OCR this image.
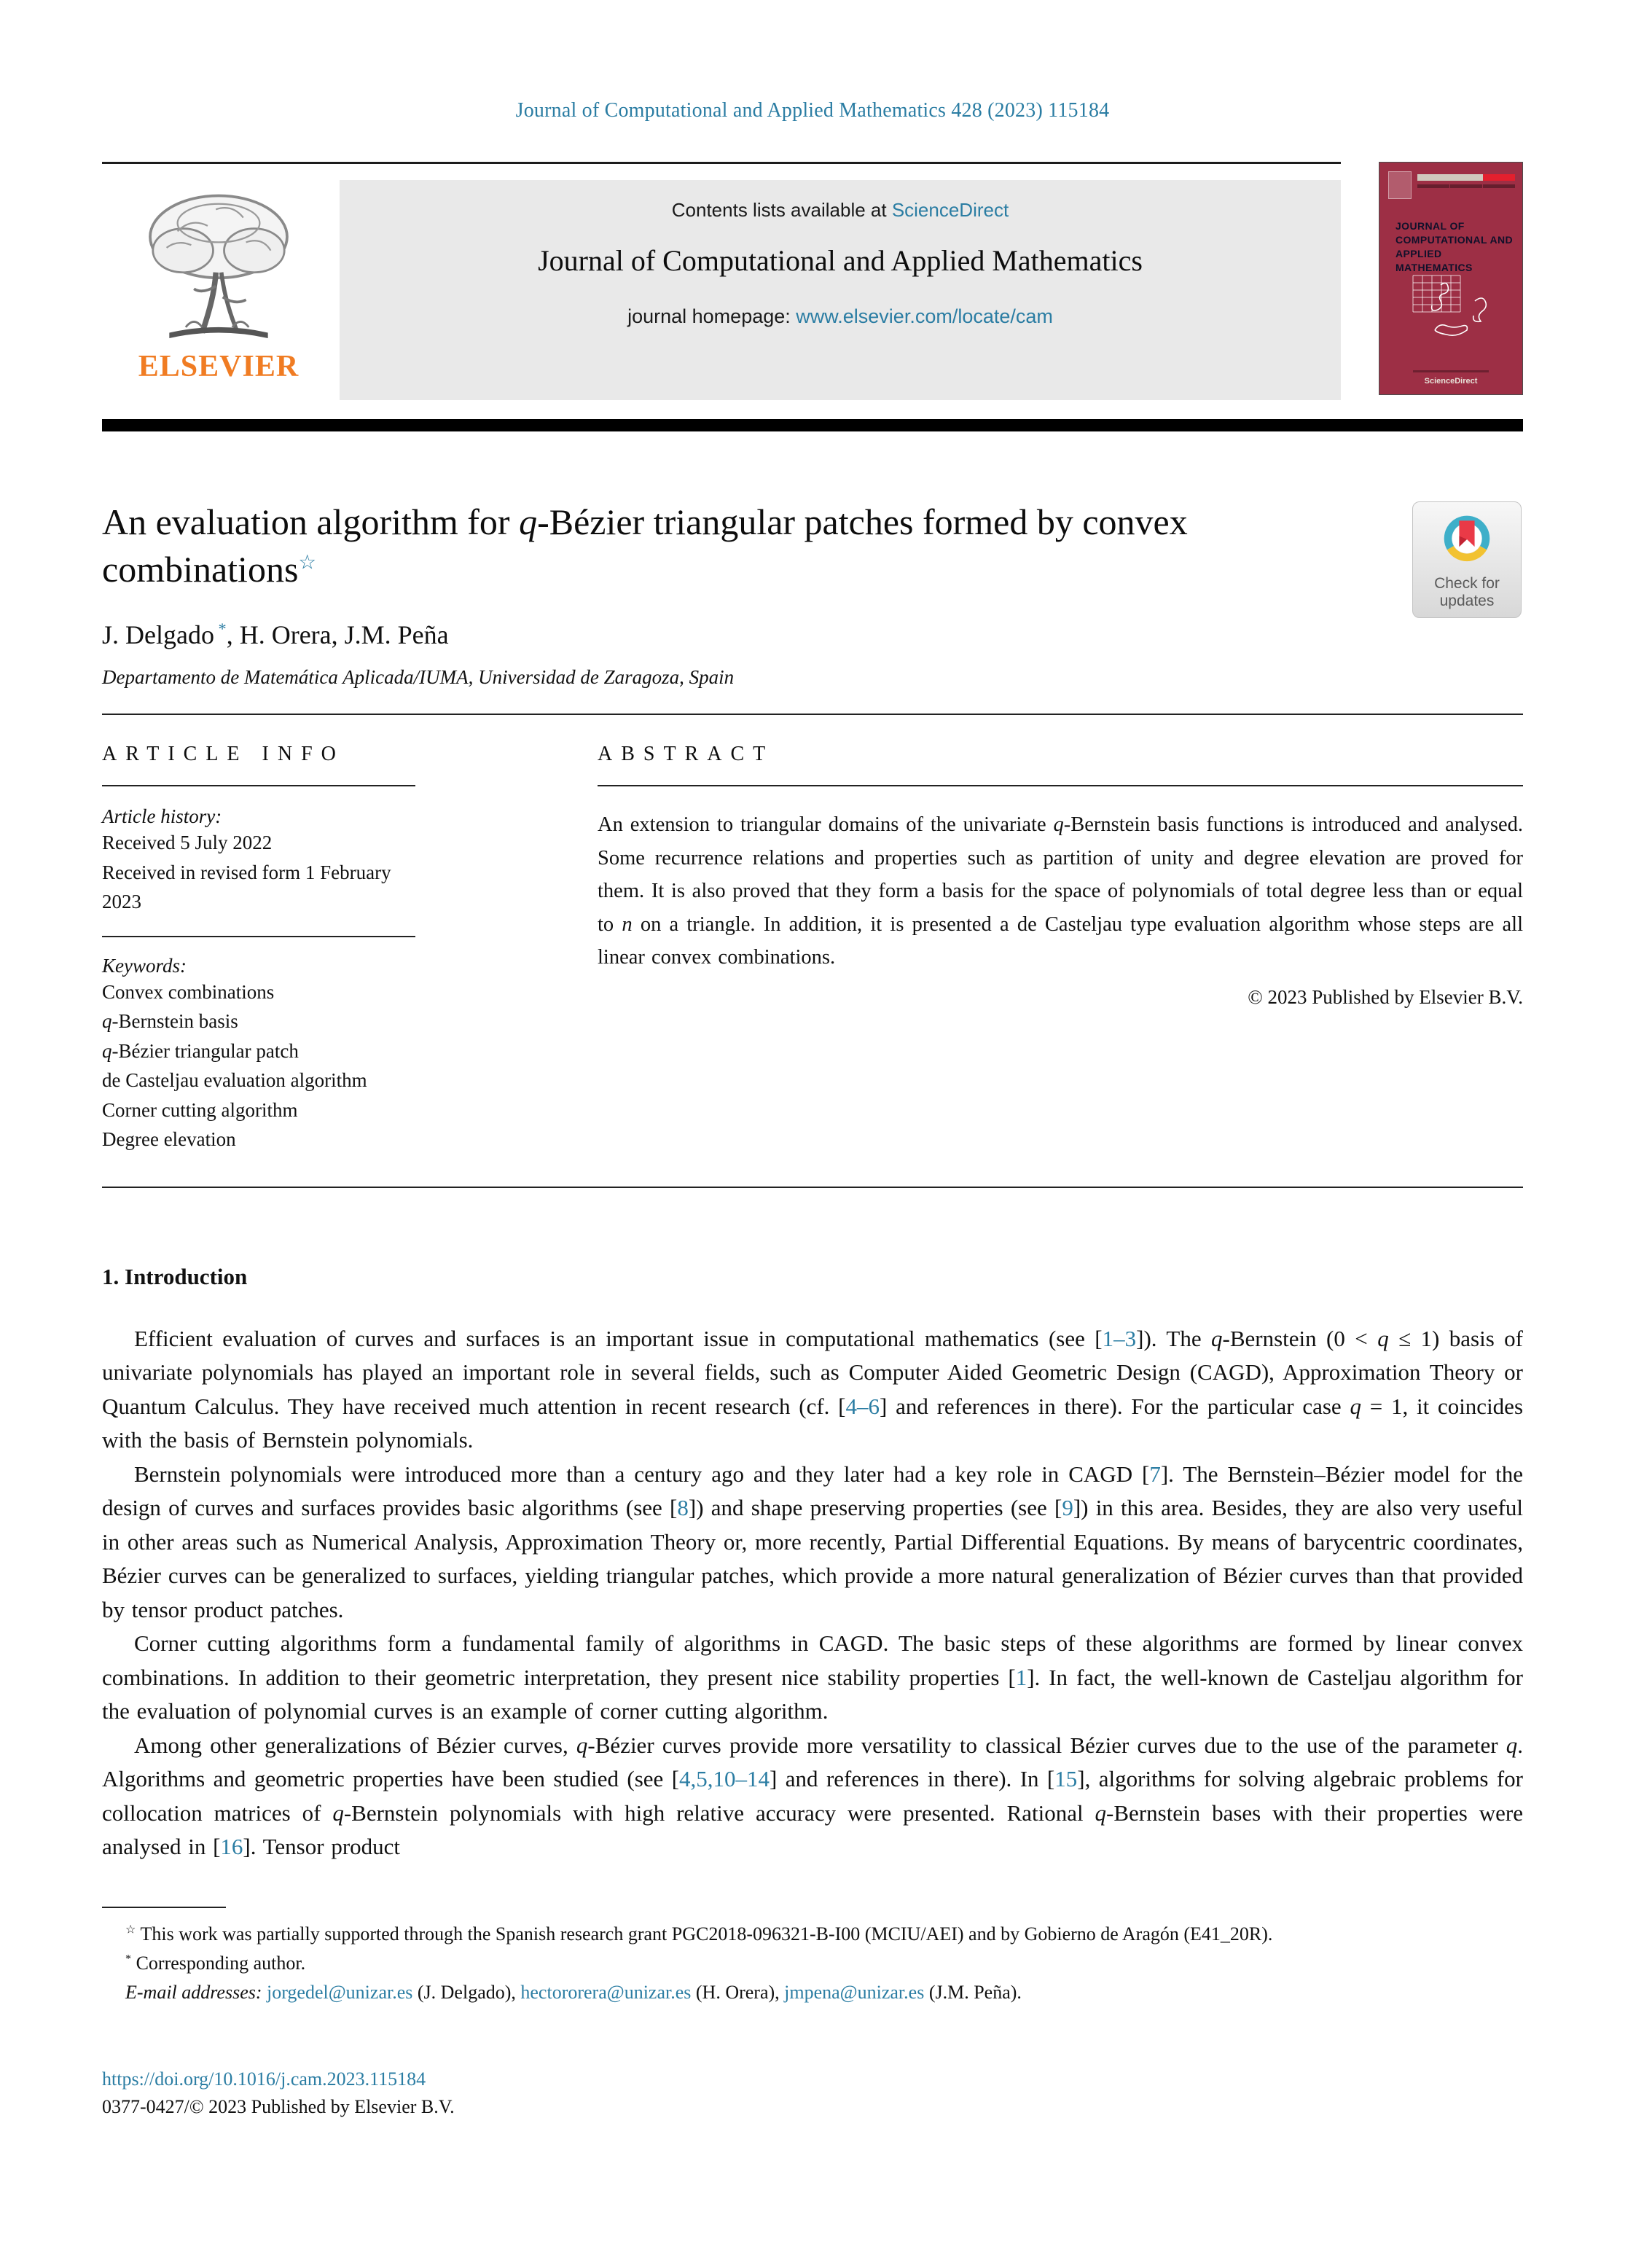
Journal of Computational and Applied Mathematics 428 (2023) 115184
ELSEVIER
Contents lists available at ScienceDirect
Journal of Computational and Applied Mathematics
journal homepage: www.elsevier.com/locate/cam
JOURNAL OF COMPUTATIONAL AND APPLIED MATHEMATICS
ScienceDirect
An evaluation algorithm for q-Bézier triangular patches formed by convex combinations☆
Check for
updates
J. Delgado *, H. Orera, J.M. Peña
Departamento de Matemática Aplicada/IUMA, Universidad de Zaragoza, Spain
ARTICLE INFO
Article history:
Received 5 July 2022
Received in revised form 1 February 2023
Keywords:
Convex combinations
q-Bernstein basis
q-Bézier triangular patch
de Casteljau evaluation algorithm
Corner cutting algorithm
Degree elevation
ABSTRACT
An extension to triangular domains of the univariate q-Bernstein basis functions is introduced and analysed. Some recurrence relations and properties such as partition of unity and degree elevation are proved for them. It is also proved that they form a basis for the space of polynomials of total degree less than or equal to n on a triangle. In addition, it is presented a de Casteljau type evaluation algorithm whose steps are all linear convex combinations.
© 2023 Published by Elsevier B.V.
1. Introduction

Efficient evaluation of curves and surfaces is an important issue in computational mathematics (see [1–3]). The q-Bernstein (0 < q ≤ 1) basis of univariate polynomials has played an important role in several fields, such as Computer Aided Geometric Design (CAGD), Approximation Theory or Quantum Calculus. They have received much attention in recent research (cf. [4–6] and references in there). For the particular case q = 1, it coincides with the basis of Bernstein polynomials.

Bernstein polynomials were introduced more than a century ago and they later had a key role in CAGD [7]. The Bernstein–Bézier model for the design of curves and surfaces provides basic algorithms (see [8]) and shape preserving properties (see [9]) in this area. Besides, they are also very useful in other areas such as Numerical Analysis, Approximation Theory or, more recently, Partial Differential Equations. By means of barycentric coordinates, Bézier curves can be generalized to surfaces, yielding triangular patches, which provide a more natural generalization of Bézier curves than that provided by tensor product patches.

Corner cutting algorithms form a fundamental family of algorithms in CAGD. The basic steps of these algorithms are formed by linear convex combinations. In addition to their geometric interpretation, they present nice stability properties [1]. In fact, the well-known de Casteljau algorithm for the evaluation of polynomial curves is an example of corner cutting algorithm.

Among other generalizations of Bézier curves, q-Bézier curves provide more versatility to classical Bézier curves due to the use of the parameter q. Algorithms and geometric properties have been studied (see [4,5,10–14] and references in there). In [15], algorithms for solving algebraic problems for collocation matrices of q-Bernstein polynomials with high relative accuracy were presented. Rational q-Bernstein bases with their properties were analysed in [16]. Tensor product

☆ This work was partially supported through the Spanish research grant PGC2018-096321-B-I00 (MCIU/AEI) and by Gobierno de Aragón (E41_20R).
* Corresponding author.
E-mail addresses: jorgedel@unizar.es (J. Delgado), hectororera@unizar.es (H. Orera), jmpena@unizar.es (J.M. Peña).
https://doi.org/10.1016/j.cam.2023.115184
0377-0427/© 2023 Published by Elsevier B.V.
